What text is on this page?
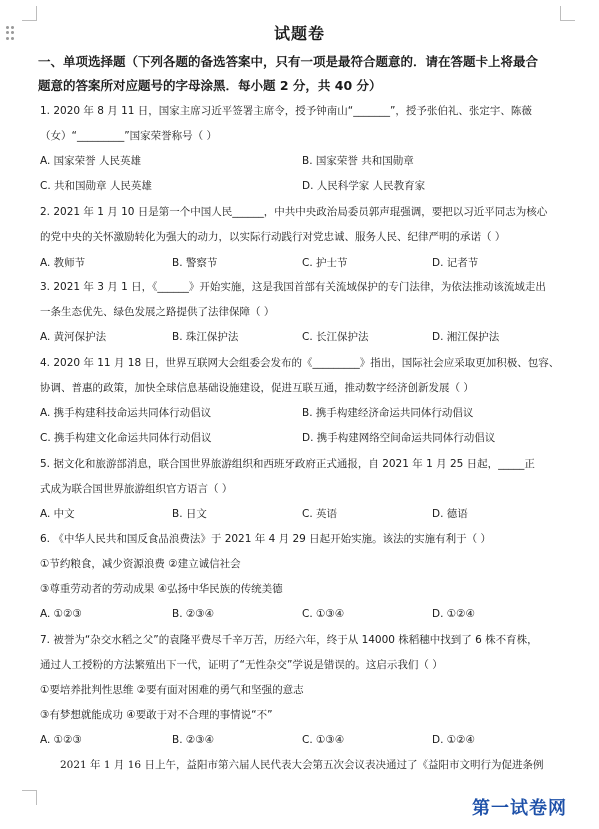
试题卷
一、单项选择题（下列各题的备选答案中，只有一项是最符合题意的．请在答题卡上将最合
题意的答案所对应题号的字母涂黑．每小题 2 分，共 40 分）
1. 2020 年 8 月 11 日，国家主席习近平签署主席令，授予钟南山“_______”，授予张伯礼、张定宇、陈薇
（女）“_________”国家荣誉称号（ ）
A. 国家荣誉 人民英雄	B. 国家荣誉 共和国勋章
C. 共和国勋章 人民英雄	D. 人民科学家 人民教育家
2. 2021 年 1 月 10 日是第一个中国人民______，中共中央政治局委员郭声琨强调，要把以习近平同志为核心
的党中央的关怀激励转化为强大的动力，以实际行动践行对党忠诚、服务人民、纪律严明的承诺（ ）
A. 教师节	B. 警察节	C. 护士节	D. 记者节
3. 2021 年 3 月 1 日，《______》开始实施，这是我国首部有关流域保护的专门法律，为依法推动该流域走出
一条生态优先、绿色发展之路提供了法律保障（ ）
A. 黄河保护法	B. 珠江保护法	C. 长江保护法	D. 湘江保护法
4. 2020 年 11 月 18 日，世界互联网大会组委会发布的《_________》指出，国际社会应采取更加积极、包容、
协调、普惠的政策，加快全球信息基础设施建设，促进互联互通，推动数字经济创新发展（ ）
A. 携手构建科技命运共同体行动倡议	B. 携手构建经济命运共同体行动倡议
C. 携手构建文化命运共同体行动倡议	D. 携手构建网络空间命运共同体行动倡议
5. 据文化和旅游部消息，联合国世界旅游组织和西班牙政府正式通报，自 2021 年 1 月 25 日起，_____正
式成为联合国世界旅游组织官方语言（ ）
A. 中文	B. 日文	C. 英语	D. 德语
6. 《中华人民共和国反食品浪费法》于 2021 年 4 月 29 日起开始实施。该法的实施有利于（ ）
①节约粮食，减少资源浪费 ②建立诚信社会
③尊重劳动者的劳动成果 ④弘扬中华民族的传统美德
A. ①②③	B. ②③④	C. ①③④	D. ①②④
7. 被誉为“杂交水稻之父”的袁隆平费尽千辛万苦，历经六年，终于从 14000 株稻穗中找到了 6 株不育株，
通过人工授粉的方法繁殖出下一代，证明了“无性杂交”学说是错误的。这启示我们（ ）
①要培养批判性思维 ②要有面对困难的勇气和坚强的意志
③有梦想就能成功 ④要敢于对不合理的事情说“不”
A. ①②③	B. ②③④	C. ①③④	D. ①②④
2021 年 1 月 16 日上午，益阳市第六届人民代表大会第五次会议表决通过了《益阳市文明行为促进条例
第一试卷网
